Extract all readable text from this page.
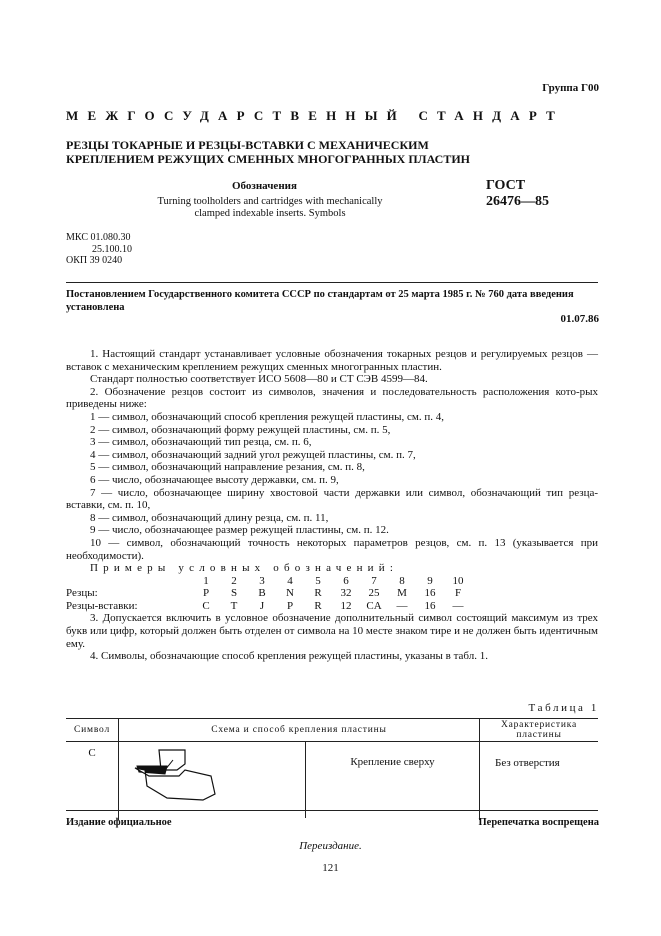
Группа Г00
МЕЖГОСУДАРСТВЕННЫЙ СТАНДАРТ
РЕЗЦЫ ТОКАРНЫЕ И РЕЗЦЫ-ВСТАВКИ С МЕХАНИЧЕСКИМ
КРЕПЛЕНИЕМ РЕЖУЩИХ СМЕННЫХ МНОГОГРАННЫХ ПЛАСТИН
Обозначения
Turning toolholders and cartridges with mechanically
clamped indexable inserts. Symbols
ГОСТ
26476—85
МКС 01.080.30
25.100.10
ОКП 39 0240
Постановлением Государственного комитета СССР по стандартам от 25 марта 1985 г. № 760 дата введения установлена
01.07.86

1. Настоящий стандарт устанавливает условные обозначения токарных резцов и регулируемых резцов — вставок с механическим креплением режущих сменных многогранных пластин.

Стандарт полностью соответствует ИСО 5608—80 и СТ СЭВ 4599—84.

2. Обозначение резцов состоит из символов, значения и последовательность расположения кото-рых приведены ниже:

1 — символ, обозначающий способ крепления режущей пластины, см. п. 4,

2 — символ, обозначающий форму режущей пластины, см. п. 5,

3 — символ, обозначающий тип резца, см. п. 6,

4 — символ, обозначающий задний угол режущей пластины, см. п. 7,

5 — символ, обозначающий направление резания, см. п. 8,

6 — число, обозначающее высоту державки, см. п. 9,

7 — число, обозначающее ширину хвостовой части державки или символ, обозначающий тип резца-вставки, см. п. 10,

8 — символ, обозначающий длину резца, см. п. 11,

9 — число, обозначающее размер режущей пластины, см. п. 12.

10 — символ, обозначающий точность некоторых параметров резцов, см. п. 13 (указывается при необходимости).

Примеры условных обозначений:

	1	2	3	4	5	6	7	8	9	10
Резцы:	P	S	B	N	R	32	25	M	16	F
Резцы-вставки:	C	T	J	P	R	12	CA	—	16	—

3. Допускается включить в условное обозначение дополнительный символ состоящий максимум из трех букв или цифр, который должен быть отделен от символа на 10 месте знаком тире и не должен быть идентичным ему.

4. Символы, обозначающие способ крепления режущей пластины, указаны в табл. 1.

Таблица 1
Символ	Схема и способ крепления пластины	Характеристика пластины

C	Крепление сверху	Без отверстия
Издание официальное	Перепечатка воспрещена
Переиздание.
121
